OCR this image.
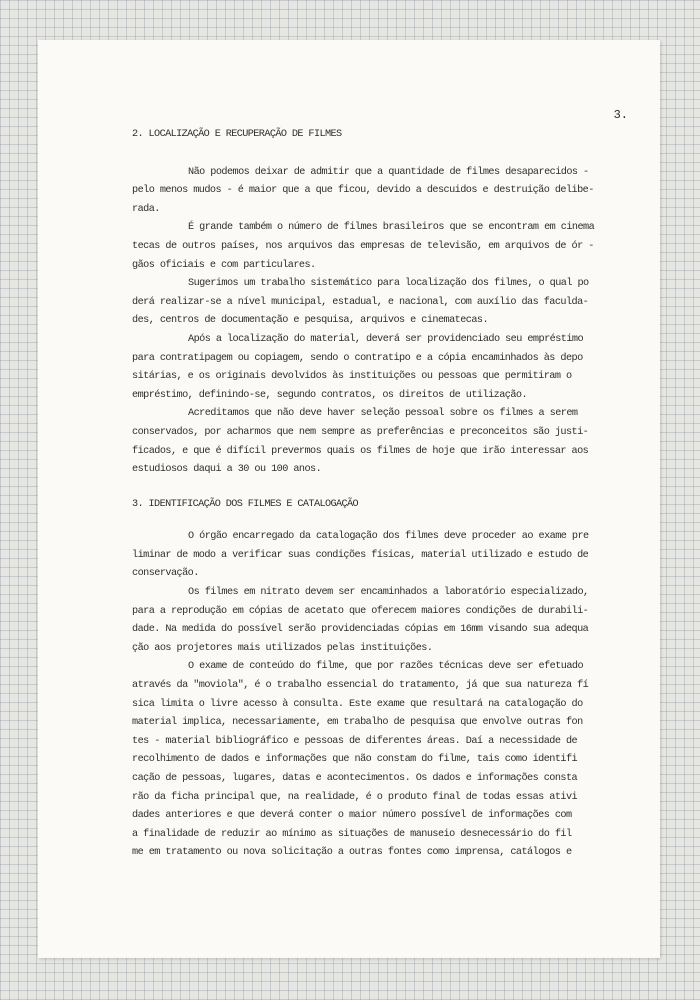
3.
2. LOCALIZAÇÃO E RECUPERAÇÃO DE FILMES
Não podemos deixar de admitir que a quantidade de filmes desaparecidos -
pelo menos mudos - é maior que a que ficou, devido a descuidos e destruição delibe-
rada.
É grande também o número de filmes brasileiros que se encontram em cinema
tecas de outros países, nos arquivos das empresas de televisão, em arquivos de ór -
gãos oficiais e com particulares.
Sugerimos um trabalho sistemático para localização dos filmes, o qual po
derá realizar-se a nível municipal, estadual, e nacional, com auxílio das faculda-
des, centros de documentação e pesquisa, arquivos e cinematecas.
Após a localização do material, deverá ser providenciado seu empréstimo
para contratipagem ou copiagem, sendo o contratipo e a cópia encaminhados às depo
sitárias, e os originais devolvidos às instituições ou pessoas que permitiram o
empréstimo, definindo-se, segundo contratos, os direitos de utilização.
Acreditamos que não deve haver seleção pessoal sobre os filmes a serem
conservados, por acharmos que nem sempre as preferências e preconceitos são justi-
ficados, e que é difícil prevermos quais os filmes de hoje que irão interessar aos
estudiosos daqui a 30 ou 100 anos.
3. IDENTIFICAÇÃO DOS FILMES E CATALOGAÇÃO
O órgão encarregado da catalogação dos filmes deve proceder ao exame pre
liminar de modo a verificar suas condições físicas, material utilizado e estudo de
conservação.
Os filmes em nitrato devem ser encaminhados a laboratório especializado,
para a reprodução em cópias de acetato que oferecem maiores condições de durabili-
dade. Na medida do possível serão providenciadas cópias em 16mm visando sua adequa
ção aos projetores mais utilizados pelas instituições.
O exame de conteúdo do filme, que por razões técnicas deve ser efetuado
através da "moviola", é o trabalho essencial do tratamento, já que sua natureza fí
sica limita o livre acesso à consulta. Este exame que resultará na catalogação do
material implica, necessariamente, em trabalho de pesquisa que envolve outras fon
tes - material bibliográfico e pessoas de diferentes áreas. Daí a necessidade de
recolhimento de dados e informações que não constam do filme, tais como identifi
cação de pessoas, lugares, datas e acontecimentos. Os dados e informações consta
rão da ficha principal que, na realidade, é o produto final de todas essas ativi
dades anteriores e que deverá conter o maior número possível de informações com
a finalidade de reduzir ao mínimo as situações de manuseio desnecessário do fil
me em tratamento ou nova solicitação a outras fontes como imprensa, catálogos e
